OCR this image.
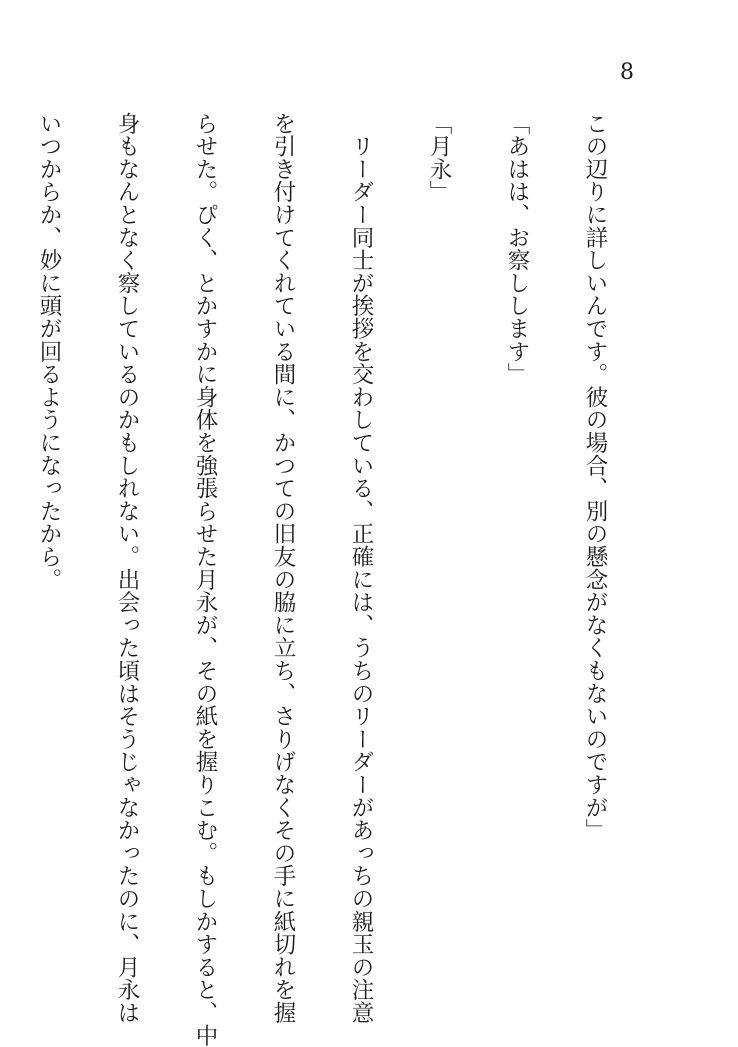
8

この辺りに詳しいんです。彼の場合、別の懸念がなくもないのですが」

「あはは、お察しします」

「月永」

　リーダー同士が挨拶を交わしている、正確には、うちのリーダーがあっちの親玉の注意

を引き付けてくれている間に、かつての旧友の脇に立ち、さりげなくその手に紙切れを握

らせた。ぴく、とかすかに身体を強張らせた月永が、その紙を握りこむ。もしかすると、中

身もなんとなく察しているのかもしれない。出会った頃はそうじゃなかったのに、月永は

いつからか、妙に頭が回るようになったから。
